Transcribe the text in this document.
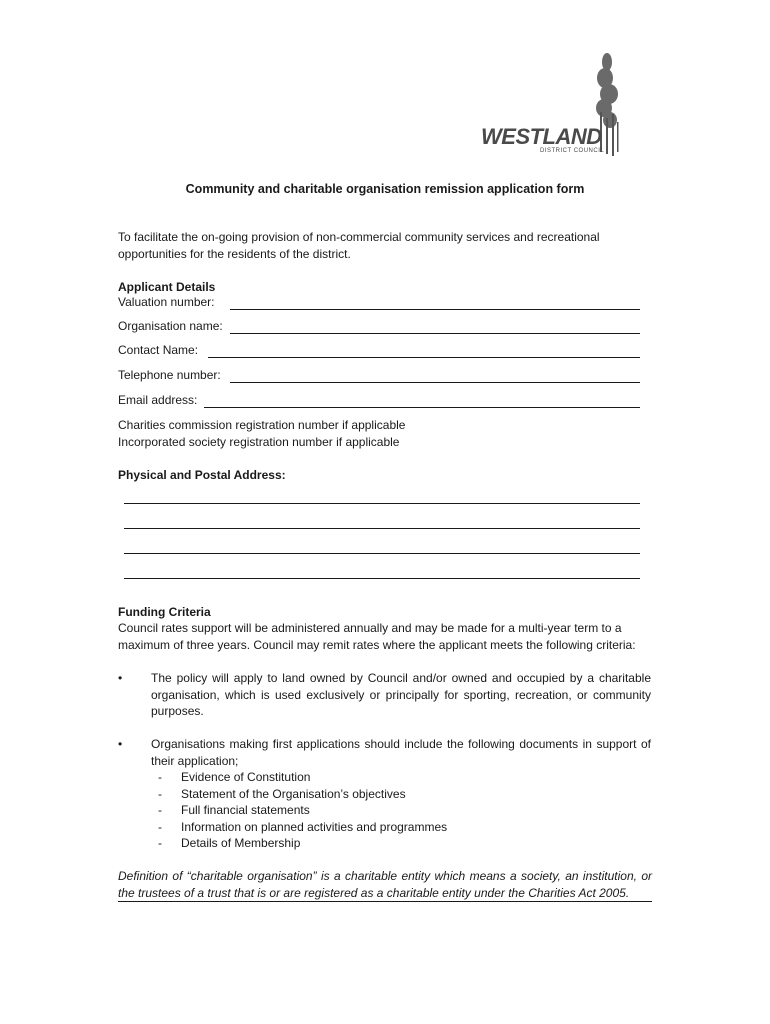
WESTLAND
DISTRICT COUNCIL
Community and charitable organisation remission application form
To facilitate the on-going provision of non-commercial community services and recreational opportunities for the residents of the district.
Applicant Details
Valuation number:
Organisation name:
Contact Name:
Telephone number:
Email address:
Charities commission registration number if applicable
Incorporated society registration number if applicable
Physical and Postal Address:
Funding Criteria
Council rates support will be administered annually and may be made for a multi-year term to a maximum of three years. Council may remit rates where the applicant meets the following criteria:
• The policy will apply to land owned by Council and/or owned and occupied by a charitable organisation, which is used exclusively or principally for sporting, recreation, or community purposes.
• Organisations making first applications should include the following documents in support of their application;
- Evidence of Constitution
- Statement of the Organisation’s objectives
- Full financial statements
- Information on planned activities and programmes
- Details of Membership
Definition of “charitable organisation” is a charitable entity which means a society, an institution, or the trustees of a trust that is or are registered as a charitable entity under the Charities Act 2005.
